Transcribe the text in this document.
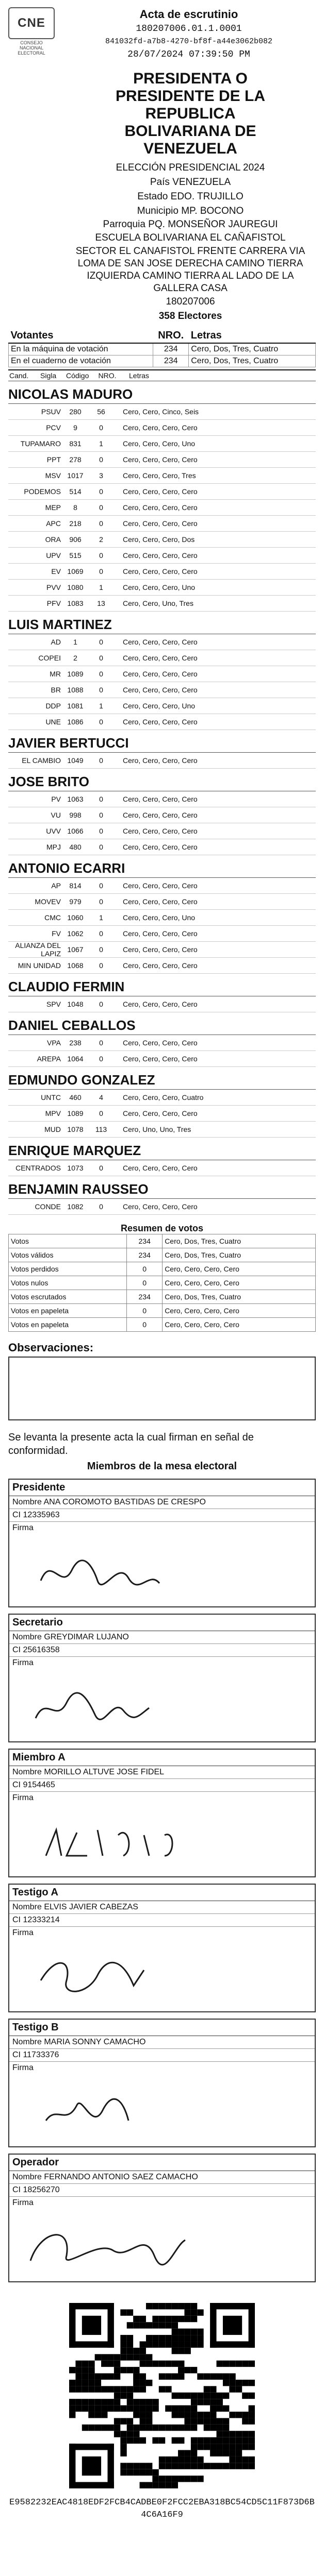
CNE
CONSEJO NACIONAL ELECTORAL
Acta de escrutinio
180207006.01.1.0001
841032fd-a7b8-4270-bf8f-a44e3062b082
28/07/2024 07:39:50 PM

PRESIDENTA O

PRESIDENTE DE LA

REPUBLICA

BOLIVARIANA DE

VENEZUELA

ELECCIÓN PRESIDENCIAL 2024
País VENEZUELA
Estado EDO. TRUJILLO
Municipio MP. BOCONO
Parroquia PQ. MONSEÑOR JAUREGUI
ESCUELA BOLIVARIANA EL CAÑAFISTOL
SECTOR EL CANAFISTOL FRENTE CARRERA VIA LOMA DE SAN JOSE DERECHA CAMINO TIERRA IZQUIERDA CAMINO TIERRA AL LADO DE LA GALLERA CASA
180207006
358 Electores
Votantes	NRO.	Letras
En la máquina de votación	234	Cero, Dos, Tres, Cuatro
En el cuaderno de votación	234	Cero, Dos, Tres, Cuatro
Cand.	Sigla	Código	NRO.	Letras
NICOLAS MADURO
PSUV	280	56	Cero, Cero, Cinco, Seis
PCV	9	0	Cero, Cero, Cero, Cero
TUPAMARO	831	1	Cero, Cero, Cero, Uno
PPT	278	0	Cero, Cero, Cero, Cero
MSV 1017	3	Cero, Cero, Cero, Tres
PODEMOS	514	0	Cero, Cero, Cero, Cero
MEP	8	0	Cero, Cero, Cero, Cero
APC	218	0	Cero, Cero, Cero, Cero
ORA	906	2	Cero, Cero, Cero, Dos
UPV	515	0	Cero, Cero, Cero, Cero
EV 1069	0	Cero, Cero, Cero, Cero
PVV 1080	1	Cero, Cero, Cero, Uno
PFV 1083	13	Cero, Cero, Uno, Tres
LUIS MARTINEZ
AD	1	0	Cero, Cero, Cero, Cero
COPEI	2	0	Cero, Cero, Cero, Cero
MR 1089	0	Cero, Cero, Cero, Cero
BR 1088	0	Cero, Cero, Cero, Cero
DDP 1081	1	Cero, Cero, Cero, Uno
UNE 1086	0	Cero, Cero, Cero, Cero
JAVIER BERTUCCI
EL CAMBIO 1049	0	Cero, Cero, Cero, Cero
JOSE BRITO
PV 1063	0	Cero, Cero, Cero, Cero
VU	998	0	Cero, Cero, Cero, Cero
UVV 1066	0	Cero, Cero, Cero, Cero
MPJ	480	0	Cero, Cero, Cero, Cero
ANTONIO ECARRI
AP	814	0	Cero, Cero, Cero, Cero
MOVEV	979	0	Cero, Cero, Cero, Cero
CMC 1060	1	Cero, Cero, Cero, Uno
FV 1062	0	Cero, Cero, Cero, Cero
ALIANZA DEL LAPIZ 1067	0	Cero, Cero, Cero, Cero
MIN UNIDAD 1068	0	Cero, Cero, Cero, Cero
CLAUDIO FERMIN
SPV 1048	0	Cero, Cero, Cero, Cero
DANIEL CEBALLOS
VPA	238	0	Cero, Cero, Cero, Cero
AREPA 1064	0	Cero, Cero, Cero, Cero
EDMUNDO GONZALEZ
UNTC	460	4	Cero, Cero, Cero, Cuatro
MPV 1089	0	Cero, Cero, Cero, Cero
MUD 1078	113	Cero, Uno, Uno, Tres
ENRIQUE MARQUEZ
CENTRADOS 1073	0	Cero, Cero, Cero, Cero
BENJAMIN RAUSSEO
CONDE 1082	0	Cero, Cero, Cero, Cero
Resumen de votos
Votos	234	Cero, Dos, Tres, Cuatro
Votos válidos	234	Cero, Dos, Tres, Cuatro
Votos perdidos	0	Cero, Cero, Cero, Cero
Votos nulos	0	Cero, Cero, Cero, Cero
Votos escrutados	234	Cero, Dos, Tres, Cuatro
Votos en papeleta	0	Cero, Cero, Cero, Cero
Votos en papeleta	0	Cero, Cero, Cero, Cero
Observaciones:
Se levanta la presente acta la cual firman en señal de conformidad.
Miembros de la mesa electoral
Presidente
Nombre ANA COROMOTO BASTIDAS DE CRESPO
CI 12335963
Firma
Secretario
Nombre GREYDIMAR LUJANO
CI 25616358
Firma
Miembro A
Nombre MORILLO ALTUVE JOSE FIDEL
CI 9154465
Firma
Testigo A
Nombre ELVIS JAVIER CABEZAS
CI 12333214
Firma
Testigo B
Nombre MARIA SONNY CAMACHO
CI 11733376
Firma
Operador
Nombre FERNANDO ANTONIO SAEZ CAMACHO
CI 18256270
Firma
E9582232EAC4818EDF2FCB4CADBE0F2FCC2EBA318BC54CD5C11F873D6B4C6A16F9
